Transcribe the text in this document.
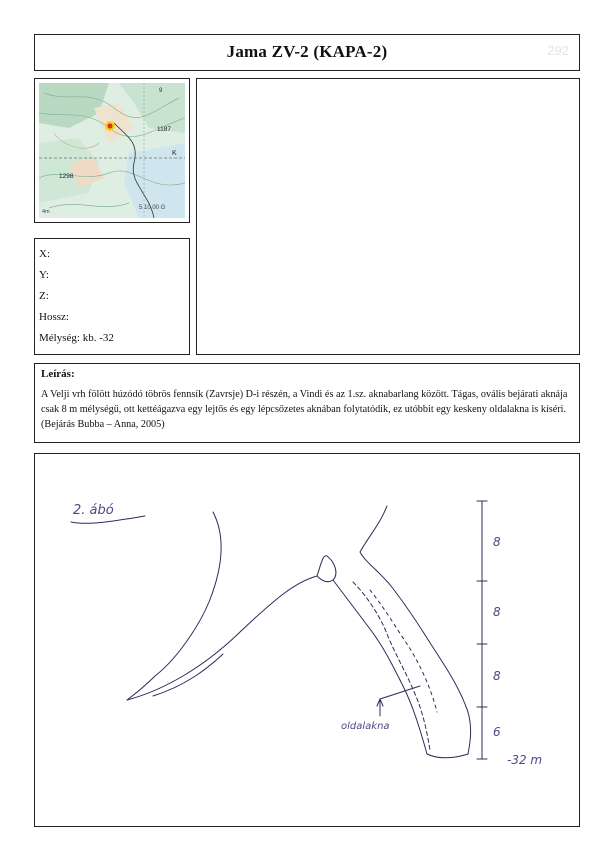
Jama ZV-2 (KAPA-2)	292
9
1187
K
1298
5 10 00 G
4m
X:
Y:
Z:
Hossz:
Mélység: kb. -32
Leírás:
A Velji vrh fölött húzódó töbrös fennsík (Zavrsje) D-i részén, a Vindi és az 1.sz. aknabarlang között. Tágas, ovális bejárati aknája csak 8 m mélységű, ott kettéágazva egy lejtős és egy lépcsőzetes aknában folytatódik, ez utóbbit egy keskeny oldalakna is kíséri. (Bejárás Bubba – Anna, 2005)
2. ábó
oldalakna
8
8
8
6
-32 m
